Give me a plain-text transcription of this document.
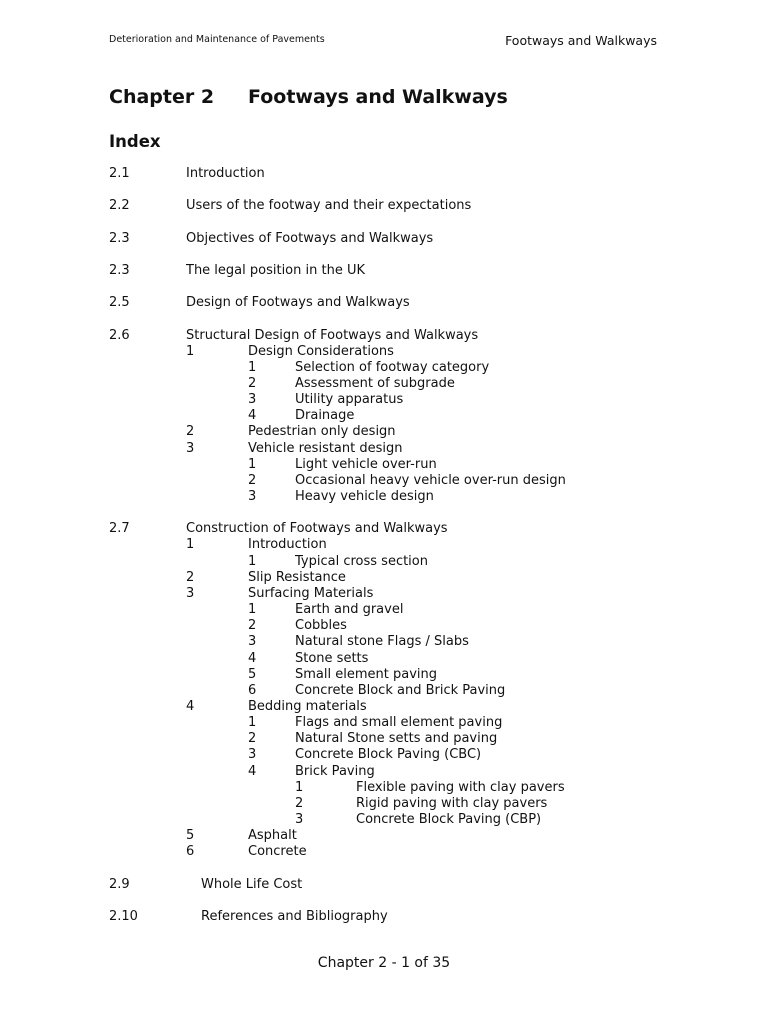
Deterioration and Maintenance of Pavements	Footways and Walkways
Chapter 2 Footways and Walkways
Index
2.1	Introduction
2.2	Users of the footway and their expectations
2.3	Objectives of Footways and Walkways
2.3	The legal position in the UK
2.5	Design of Footways and Walkways
2.6	Structural Design of Footways and Walkways
1	Design Considerations
1	Selection of footway category
2	Assessment of subgrade
3	Utility apparatus
4	Drainage
2	Pedestrian only design
3	Vehicle resistant design
1	Light vehicle over-run
2	Occasional heavy vehicle over-run design
3	Heavy vehicle design
2.7	Construction of Footways and Walkways
1	Introduction
1	Typical cross section
2	Slip Resistance
3	Surfacing Materials
1	Earth and gravel
2	Cobbles
3	Natural stone Flags / Slabs
4	Stone setts
5	Small element paving
6	Concrete Block and Brick Paving
4	Bedding materials
1	Flags and small element paving
2	Natural Stone setts and paving
3	Concrete Block Paving (CBC)
4	Brick Paving
1	Flexible paving with clay pavers
2	Rigid paving with clay pavers
3	Concrete Block Paving (CBP)
5	Asphalt
6	Concrete
2.9	Whole Life Cost
2.10	References and Bibliography
Chapter 2 - 1 of 35
